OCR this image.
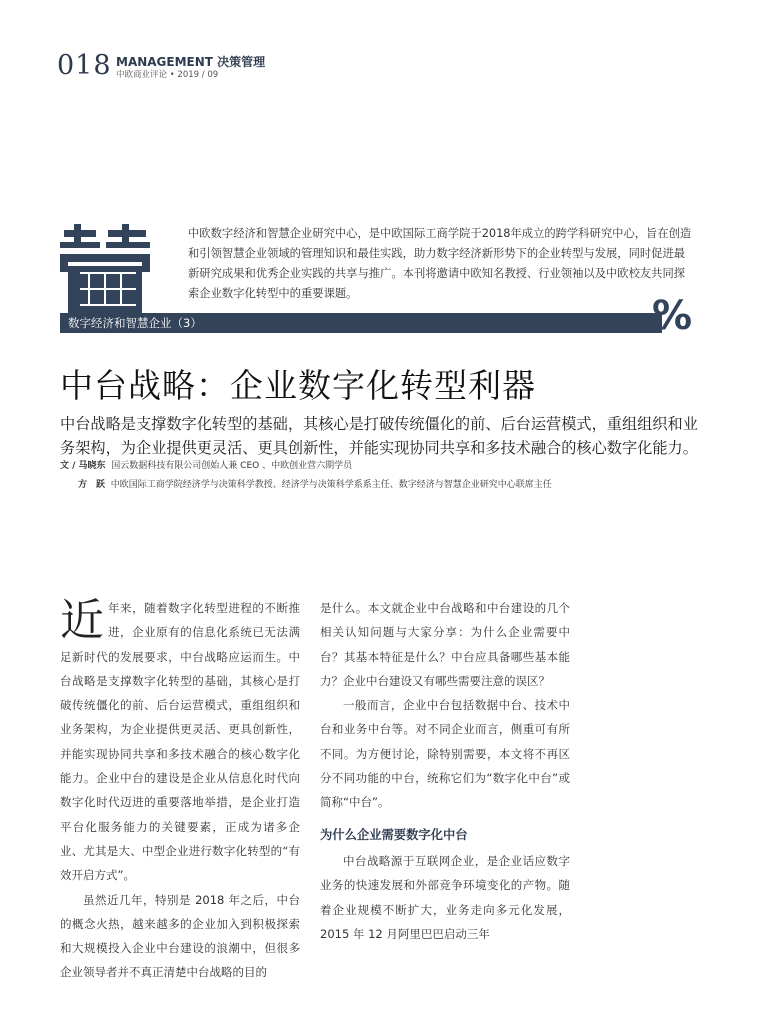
018 MANAGEMENT 决策管理
中欧商业评论 • 2019 / 09
中欧数字经济和智慧企业研究中心，是中欧国际工商学院于2018年成立的跨学科研究中心，旨在创造和引领智慧企业领域的管理知识和最佳实践，助力数字经济新形势下的企业转型与发展，同时促进最新研究成果和优秀企业实践的共享与推广。本刊将邀请中欧知名教授、行业领袖以及中欧校友共同探索企业数字化转型中的重要课题。
数字经济和智慧企业（3）	%
中台战略：企业数字化转型利器
中台战略是支撑数字化转型的基础，其核心是打破传统僵化的前、后台运营模式，重组组织和业务架构，为企业提供更灵活、更具创新性，并能实现协同共享和多技术融合的核心数字化能力。
文 / 马晓东 国云数据科技有限公司创始人兼 CEO 、中欧创业营六期学员
方　跃 中欧国际工商学院经济学与决策科学教授、经济学与决策科学系系主任、数字经济与智慧企业研究中心联席主任

近年来，随着数字化转型进程的不断推进，企业原有的信息化系统已无法满足新时代的发展要求，中台战略应运而生。中台战略是支撑数字化转型的基础，其核心是打破传统僵化的前、后台运营模式，重组组织和业务架构，为企业提供更灵活、更具创新性，并能实现协同共享和多技术融合的核心数字化能力。企业中台的建设是企业从信息化时代向数字化时代迈进的重要落地举措，是企业打造平台化服务能力的关键要素，正成为诸多企业、尤其是大、中型企业进行数字化转型的“有效开启方式”。

虽然近几年，特别是 2018 年之后，中台的概念火热，越来越多的企业加入到积极探索和大规模投入企业中台建设的浪潮中，但很多企业领导者并不真正清楚中台战略的目的

是什么。本文就企业中台战略和中台建设的几个相关认知问题与大家分享：为什么企业需要中台？其基本特征是什么？中台应具备哪些基本能力？企业中台建设又有哪些需要注意的误区？

一般而言，企业中台包括数据中台、技术中台和业务中台等。对不同企业而言，侧重可有所不同。为方便讨论，除特别需要，本文将不再区分不同功能的中台，统称它们为“数字化中台”或简称“中台”。

为什么企业需要数字化中台

中台战略源于互联网企业，是企业话应数字业务的快速发展和外部竞争环境变化的产物。随着企业规模不断扩大，业务走向多元化发展，2015 年 12 月阿里巴巴启动三年
